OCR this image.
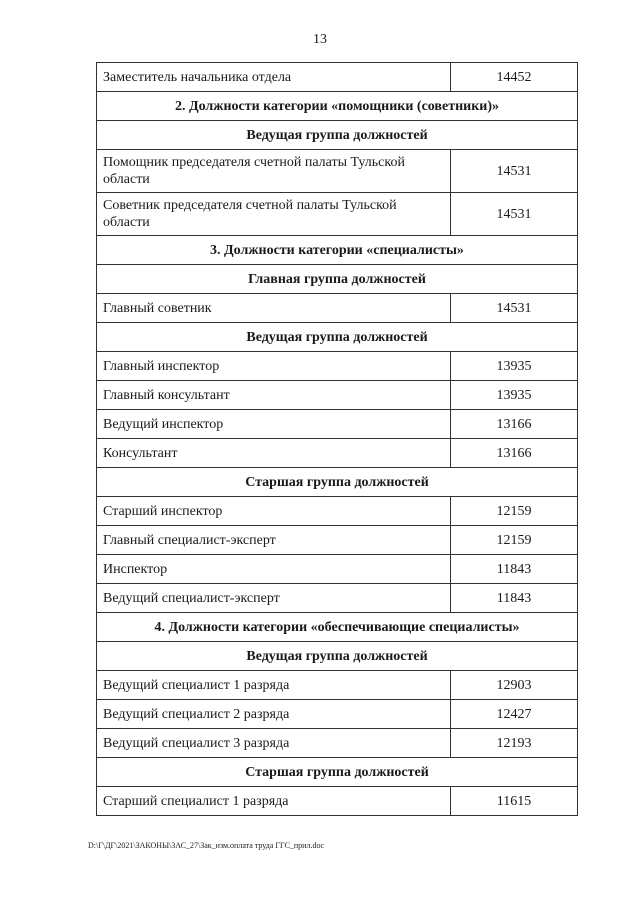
13
Заместитель начальника отдела	14452
2. Должности категории «помощники (советники)»	
Ведущая группа должностей	
Помощник председателя счетной палаты Тульской области	14531
Советник председателя счетной палаты Тульской области	14531
3. Должности категории «специалисты»	
Главная группа должностей	
Главный советник	14531
Ведущая группа должностей	
Главный инспектор	13935
Главный консультант	13935
Ведущий инспектор	13166
Консультант	13166
Старшая группа должностей	
Старший инспектор	12159
Главный специалист-эксперт	12159
Инспектор	11843
Ведущий специалист-эксперт	11843
4. Должности категории «обеспечивающие специалисты»	
Ведущая группа должностей	
Ведущий специалист 1 разряда	12903
Ведущий специалист 2 разряда	12427
Ведущий специалист 3 разряда	12193
Старшая группа должностей	
Старший специалист 1 разряда	11615
D:\Г\ДГ\2021\ЗАКОНЫ\ЗАС_27\Зак_изм.оплата труда ГГС_прил.doc
